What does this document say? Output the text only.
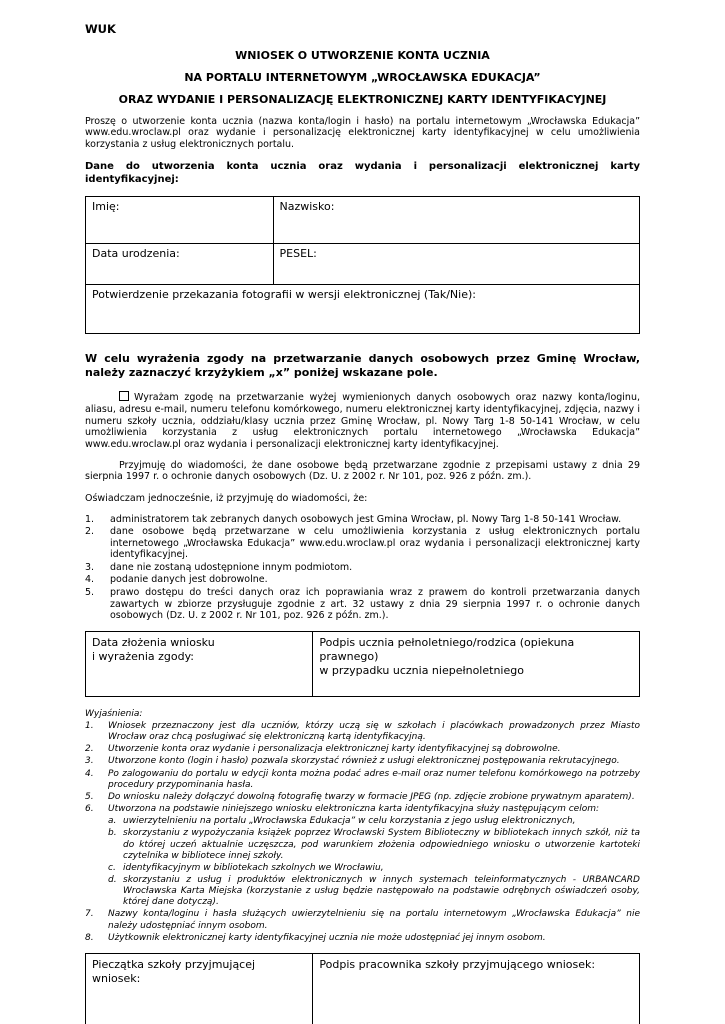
WUK
WNIOSEK O UTWORZENIE KONTA UCZNIA
NA PORTALU INTERNETOWYM „WROCŁAWSKA EDUKACJA”
ORAZ WYDANIE I PERSONALIZACJĘ ELEKTRONICZNEJ KARTY IDENTYFIKACYJNEJ

Proszę o utworzenie konta ucznia (nazwa konta/login i hasło) na portalu internetowym „Wrocławska Edukacja” www.edu.wroclaw.pl oraz wydanie i personalizację elektronicznej karty identyfikacyjnej w celu umożliwienia korzystania z usług elektronicznych portalu.

Dane do utworzenia konta ucznia oraz wydania i personalizacji elektronicznej karty identyfikacyjnej:

Imię:	Nazwisko:
Data urodzenia:	PESEL:
Potwierdzenie przekazania fotografii w wersji elektronicznej (Tak/Nie):	

W celu wyrażenia zgody na przetwarzanie danych osobowych przez Gminę Wrocław, należy zaznaczyć krzyżykiem „x” poniżej wskazane pole.

Wyrażam zgodę na przetwarzanie wyżej wymienionych danych osobowych oraz nazwy konta/loginu, aliasu, adresu e-mail, numeru telefonu komórkowego, numeru elektronicznej karty identyfikacyjnej, zdjęcia, nazwy i numeru szkoły ucznia, oddziału/klasy ucznia przez Gminę Wrocław, pl. Nowy Targ 1-8 50-141 Wrocław, w celu umożliwienia korzystania z usług elektronicznych portalu internetowego „Wrocławska Edukacja” www.edu.wroclaw.pl oraz wydania i personalizacji elektronicznej karty identyfikacyjnej.

Przyjmuję do wiadomości, że dane osobowe będą przetwarzane zgodnie z przepisami ustawy z dnia 29 sierpnia 1997 r. o ochronie danych osobowych (Dz. U. z 2002 r. Nr 101, poz. 926 z późn. zm.).

Oświadczam jednocześnie, iż przyjmuję do wiadomości, że:

1.	administratorem tak zebranych danych osobowych jest Gmina Wrocław, pl. Nowy Targ 1-8 50-141 Wrocław.
2.	dane osobowe będą przetwarzane w celu umożliwienia korzystania z usług elektronicznych portalu internetowego „Wrocławska Edukacja” www.edu.wroclaw.pl oraz wydania i personalizacji elektronicznej karty identyfikacyjnej.
3.	dane nie zostaną udostępnione innym podmiotom.
4.	podanie danych jest dobrowolne.
5.	prawo dostępu do treści danych oraz ich poprawiania wraz z prawem do kontroli przetwarzania danych zawartych w zbiorze przysługuje zgodnie z art. 32 ustawy z dnia 29 sierpnia 1997 r. o ochronie danych osobowych (Dz. U. z 2002 r. Nr 101, poz. 926 z późn. zm.).
Data złożenia wniosku
i wyrażenia zgody:

Podpis ucznia pełnoletniego/rodzica (opiekuna prawnego)
w przypadku ucznia niepełnoletniego
Wyjaśnienia:
1.	Wniosek przeznaczony jest dla uczniów, którzy uczą się w szkołach i placówkach prowadzonych przez Miasto Wrocław oraz chcą posługiwać się elektroniczną kartą identyfikacyjną.
2.	Utworzenie konta oraz wydanie i personalizacja elektronicznej karty identyfikacyjnej są dobrowolne.
3.	Utworzone konto (login i hasło) pozwala skorzystać również z usługi elektronicznej postępowania rekrutacyjnego.
4.	Po zalogowaniu do portalu w edycji konta można podać adres e-mail oraz numer telefonu komórkowego na potrzeby procedury przypominania hasła.
5.	Do wniosku należy dołączyć dowolną fotografię twarzy w formacie JPEG (np. zdjęcie zrobione prywatnym aparatem).
6.	Utworzona na podstawie niniejszego wniosku elektroniczna karta identyfikacyjna służy następującym celom:
a. uwierzytelnieniu na portalu „Wrocławska Edukacja” w celu korzystania z jego usług elektronicznych,
b. skorzystaniu z wypożyczania książek poprzez Wrocławski System Biblioteczny w bibliotekach innych szkół, niż ta do której uczeń aktualnie uczęszcza, pod warunkiem złożenia odpowiedniego wniosku o utworzenie kartoteki czytelnika w bibliotece innej szkoły.
c. identyfikacyjnym w bibliotekach szkolnych we Wrocławiu,
d. skorzystaniu z usług i produktów elektronicznych w innych systemach teleinformatycznych - URBANCARD Wrocławska Karta Miejska (korzystanie z usług będzie następowało na podstawie odrębnych oświadczeń osoby, której dane dotyczą).
7.	Nazwy konta/loginu i hasła służących uwierzytelnieniu się na portalu internetowym „Wrocławska Edukacja” nie należy udostępniać innym osobom.
8.	Użytkownik elektronicznej karty identyfikacyjnej ucznia nie może udostępniać jej innym osobom.
Pieczątka szkoły przyjmującej wniosek:	Podpis pracownika szkoły przyjmującego wniosek:
